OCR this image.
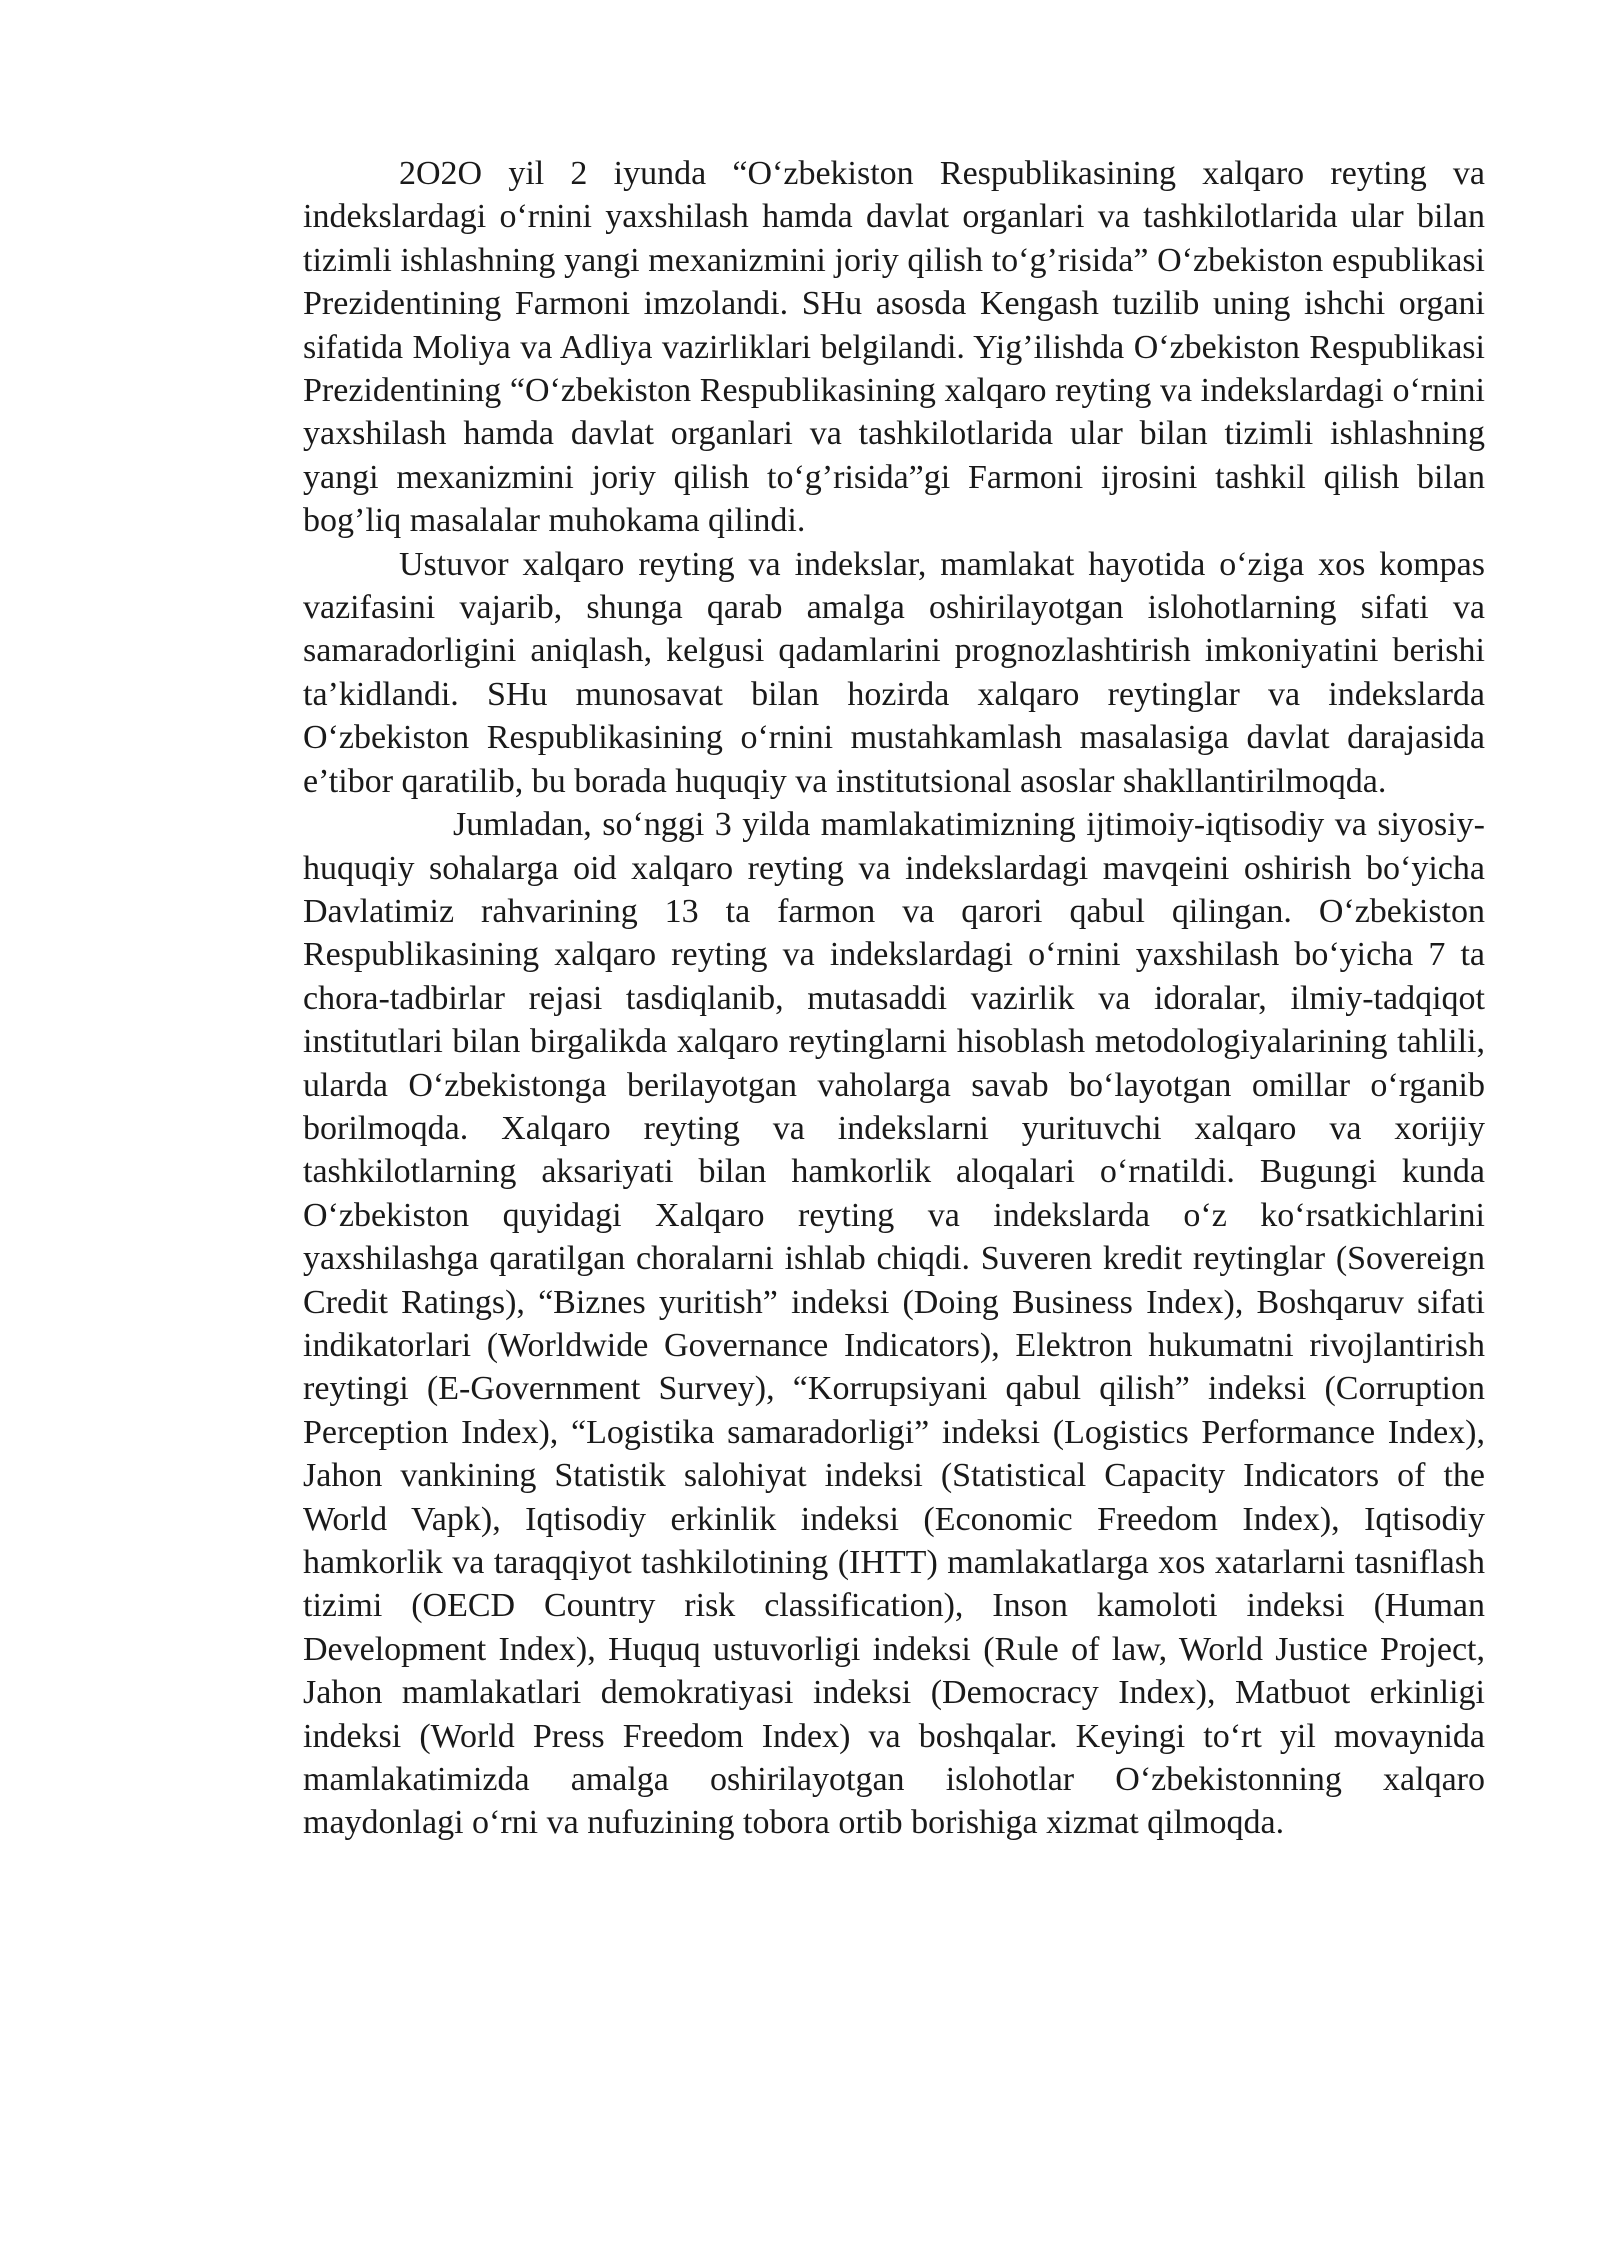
2O2O yil 2 iyunda “O‘zbekiston Respublikasining xalqaro reyting va indekslardagi o‘rnini yaxshilash hamda davlat organlari va tashkilotlarida ular bilan tizimli ishlashning yangi mexanizmini joriy qilish to‘g’risida” O‘zbekiston espublikasi Prezidentining Farmoni imzolandi. SHu asosda Kengash tuzilib uning ishchi organi sifatida Moliya va Adliya vazirliklari belgilandi. Yig’ilishda O‘zbekiston Respublikasi Prezidentining “O‘zbekiston Respublikasining xalqaro reyting va indekslardagi o‘rnini yaxshilash hamda davlat organlari va tashkilotlarida ular bilan tizimli ishlashning yangi mexanizmini joriy qilish to‘g’risida”gi Farmoni ijrosini tashkil qilish bilan bog’liq masalalar muhokama qilindi.

Ustuvor xalqaro reyting va indekslar, mamlakat hayotida o‘ziga xos kompas vazifasini vajarib, shunga qarab amalga oshirilayotgan islohotlarning sifati va samaradorligini aniqlash, kelgusi qadamlarini prognozlashtirish imkoniyatini berishi ta’kidlandi. SHu munosavat bilan hozirda xalqaro reytinglar va indekslarda O‘zbekiston Respublikasining o‘rnini mustahkamlash masalasiga davlat darajasida e’tibor qaratilib, bu borada huquqiy va institutsional asoslar shakllantirilmoqda.

Jumladan, so‘nggi 3 yilda mamlakatimizning ijtimoiy-iqtisodiy va siyosiy-huquqiy sohalarga oid xalqaro reyting va indekslardagi mavqeini oshirish bo‘yicha Davlatimiz rahvarining 13 ta farmon va qarori qabul qilingan. O‘zbekiston Respublikasining xalqaro reyting va indekslardagi o‘rnini yaxshilash bo‘yicha 7 ta chora-tadbirlar rejasi tasdiqlanib, mutasaddi vazirlik va idoralar, ilmiy-tadqiqot institutlari bilan birgalikda xalqaro reytinglarni hisoblash metodologiyalarining tahlili, ularda O‘zbekistonga berilayotgan vaholarga savab bo‘layotgan omillar o‘rganib borilmoqda. Xalqaro reyting va indekslarni yurituvchi xalqaro va xorijiy tashkilotlarning aksariyati bilan hamkorlik aloqalari o‘rnatildi. Bugungi kunda O‘zbekiston quyidagi Xalqaro reyting va indekslarda o‘z ko‘rsatkichlarini yaxshilashga qaratilgan choralarni ishlab chiqdi. Suveren kredit reytinglar (Sovereign Credit Ratings), “Biznes yuritish” indeksi (Doing Business Index), Boshqaruv sifati indikatorlari (Worldwide Governance Indicators), Elektron hukumatni rivojlantirish reytingi (E-Government Survey), “Korrupsiyani qabul qilish” indeksi (Corruption Perception Index), “Logistika samaradorligi” indeksi (Logistics Performance Index), Jahon vankining Statistik salohiyat indeksi (Statistical Capacity Indicators of the World Vapk), Iqtisodiy erkinlik indeksi (Economic Freedom Index), Iqtisodiy hamkorlik va taraqqiyot tashkilotining (IHTT) mamlakatlarga xos xatarlarni tasniflash tizimi (OECD Country risk classification), Inson kamoloti indeksi (Human Development Index), Huquq ustuvorligi indeksi (Rule of law, World Justice Project, Jahon mamlakatlari demokratiyasi indeksi (Democracy Index), Matbuot erkinligi indeksi (World Press Freedom Index) va boshqalar. Keyingi to‘rt yil movaynida mamlakatimizda amalga oshirilayotgan islohotlar O‘zbekistonning xalqaro maydonlagi o‘rni va nufuzining tobora ortib borishiga xizmat qilmoqda.
